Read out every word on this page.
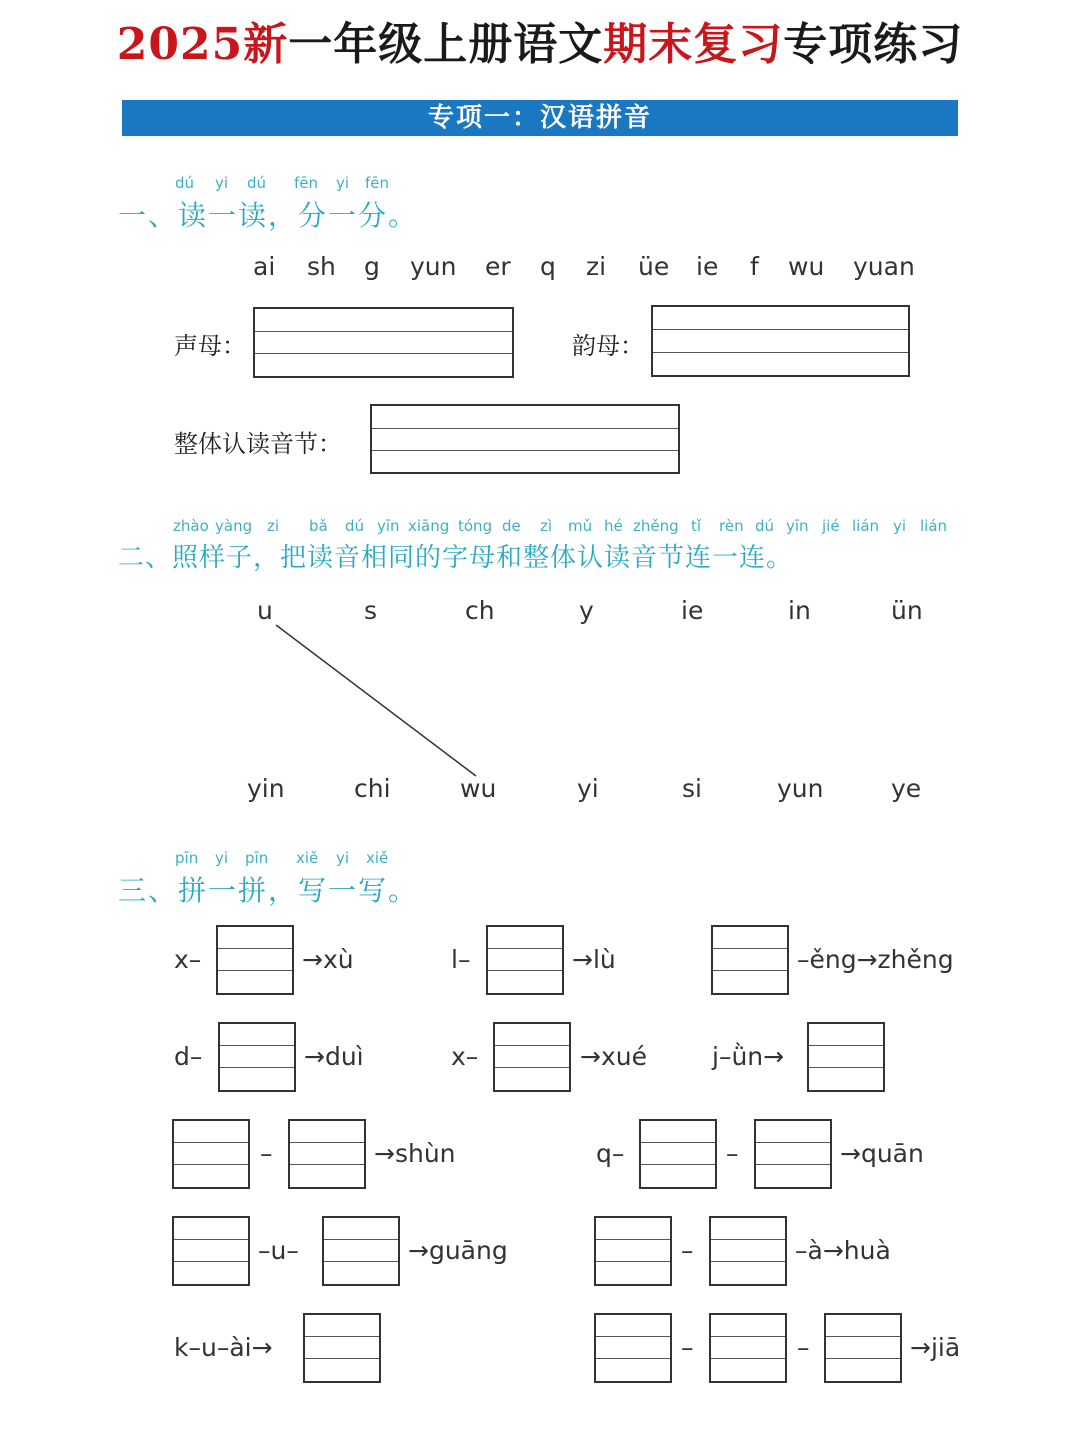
2025新一年级上册语文期末复习专项练习
专项一：汉语拼音
dú yi dú fēn yi fēn
一、读一读，分一分。
ai sh g yun er q zi üe ie f wu yuan
声母：	韵母：
整体认读音节：
zhào yàng zi bǎ dú yīn xiāng tóng de zì mǔ hé zhěng tǐ rèn dú yīn jié lián yi lián
二、照样子，把读音相同的字母和整体认读音节连一连。
u	s	ch	y	ie	in	ün
yin	chi	wu	yi	si	yun	ye
pīn yi pīn xiě yi xiě
三、拼一拼，写一写。
x–	→xù	l–	→lù	–ěng→zhěng
d–	→duì	x–	→xué	j–ǜn→
–	→shùn	q–	–	→quān
–u–	→guāng	–	–à→huà
k–u–ài→	–	–	→jiā
